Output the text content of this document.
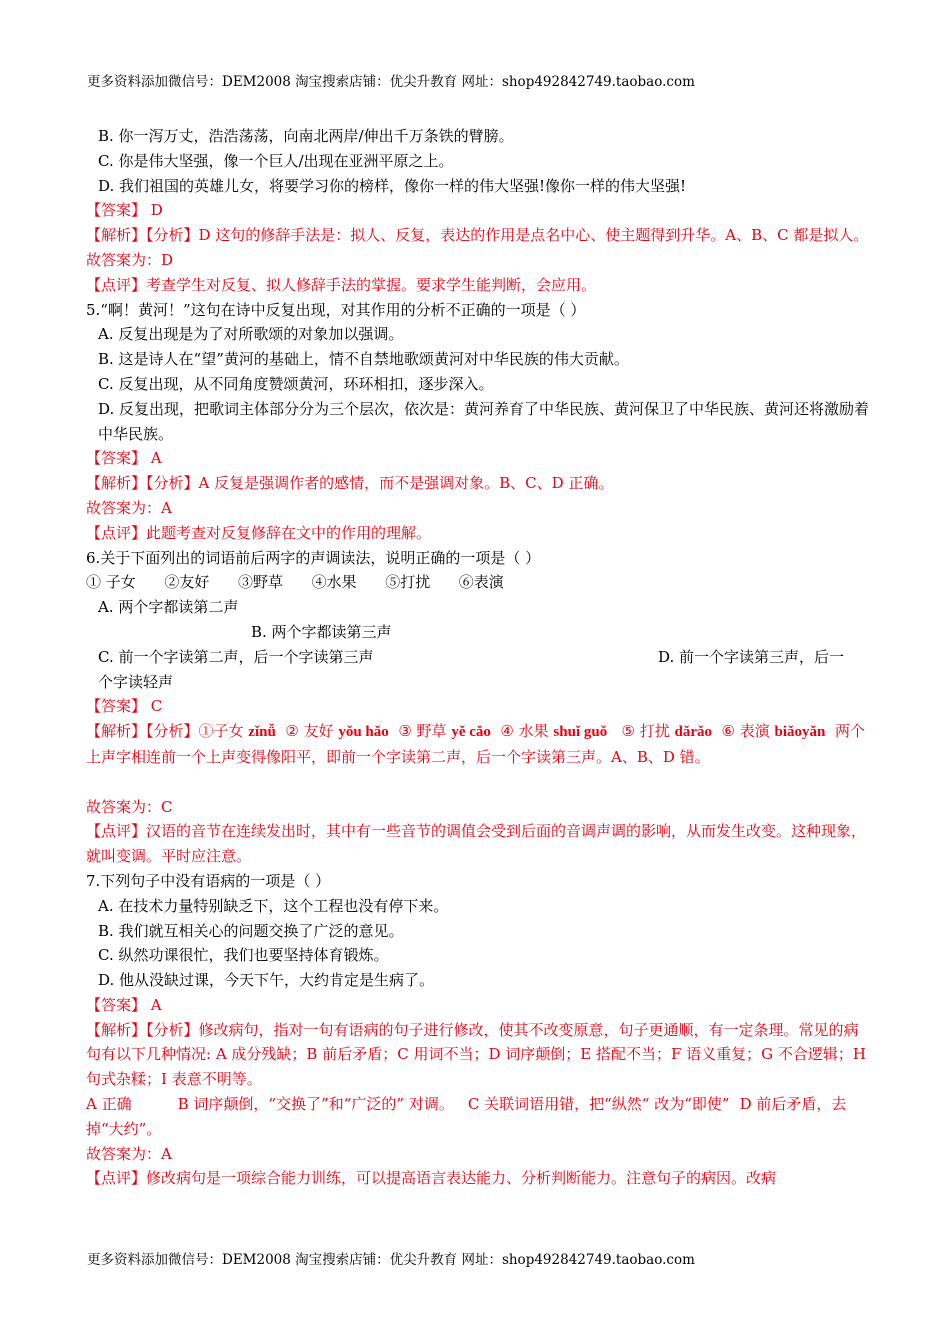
更多资料添加微信号：DEM2008 淘宝搜索店铺：优尖升教育 网址：shop492842749.taobao.com
B. 你一泻万丈，浩浩荡荡，向南北两岸/伸出千万条铁的臂膀。
C. 你是伟大坚强，像一个巨人/出现在亚洲平原之上。
D. 我们祖国的英雄儿女，将要学习你的榜样，像你一样的伟大坚强!像你一样的伟大坚强!
【答案】 D
【解析】【分析】D 这句的修辞手法是：拟人、反复，表达的作用是点名中心、使主题得到升华。A、B、C 都是拟人。
故答案为：D
【点评】考查学生对反复、拟人修辞手法的掌握。要求学生能判断，会应用。
5.“啊！黄河！”这句在诗中反复出现，对其作用的分析不正确的一项是（ ）
A. 反复出现是为了对所歌颂的对象加以强调。
B. 这是诗人在“望”黄河的基础上，情不自禁地歌颂黄河对中华民族的伟大贡献。
C. 反复出现，从不同角度赞颂黄河，环环相扣，逐步深入。
D. 反复出现，把歌词主体部分分为三个层次，依次是：黄河养育了中华民族、黄河保卫了中华民族、黄河还将激励着中华民族。
【答案】 A
【解析】【分析】A 反复是强调作者的感情，而不是强调对象。B、C、D 正确。
故答案为：A
【点评】此题考查对反复修辞在文中的作用的理解。
6.关于下面列出的词语前后两字的声调读法，说明正确的一项是（ ）
① 子女      ②友好      ③野草      ④水果      ⑤打扰      ⑥表演
A. 两个字都读第二声
B. 两个字都读第三声
C. 前一个字读第二声，后一个字读第三声	D. 前一个字读第三声，后一
个字读轻声
【答案】 C
【解析】【分析】①子女 zǐnǚ  ② 友好 yǒu hǎo  ③ 野草 yě cǎo  ④ 水果 shuǐ guǒ   ⑤ 打扰 dǎrǎo  ⑥ 表演 biǎoyǎn  两个上声字相连前一个上声变得像阳平，即前一个字读第二声，后一个字读第三声。A、B、D 错。
故答案为：C
【点评】汉语的音节在连续发出时，其中有一些音节的调值会受到后面的音调声调的影响，从而发生改变。这种现象，就叫变调。平时应注意。
7.下列句子中没有语病的一项是（ ）
A. 在技术力量特别缺乏下，这个工程也没有停下来。
B. 我们就互相关心的问题交换了广泛的意见。
C. 纵然功课很忙，我们也要坚持体育锻炼。
D. 他从没缺过课，今天下午，大约肯定是生病了。
【答案】 A
【解析】【分析】修改病句，指对一句有语病的句子进行修改，使其不改变原意，句子更通顺，有一定条理。常见的病句有以下几种情况: A 成分残缺；B 前后矛盾；C 用词不当；D 词序颠倒；E 搭配不当；F 语义重复；G 不合逻辑；H 句式杂糅；I 表意不明等。
A 正确	B 词序颠倒，“交换了”和“广泛的” 对调。 C 关联词语用错，把“纵然“ 改为“即使” D 前后矛盾，去掉“大约”。
故答案为：A
【点评】修改病句是一项综合能力训练，可以提高语言表达能力、分析判断能力。注意句子的病因。改病
更多资料添加微信号：DEM2008 淘宝搜索店铺：优尖升教育 网址：shop492842749.taobao.com
